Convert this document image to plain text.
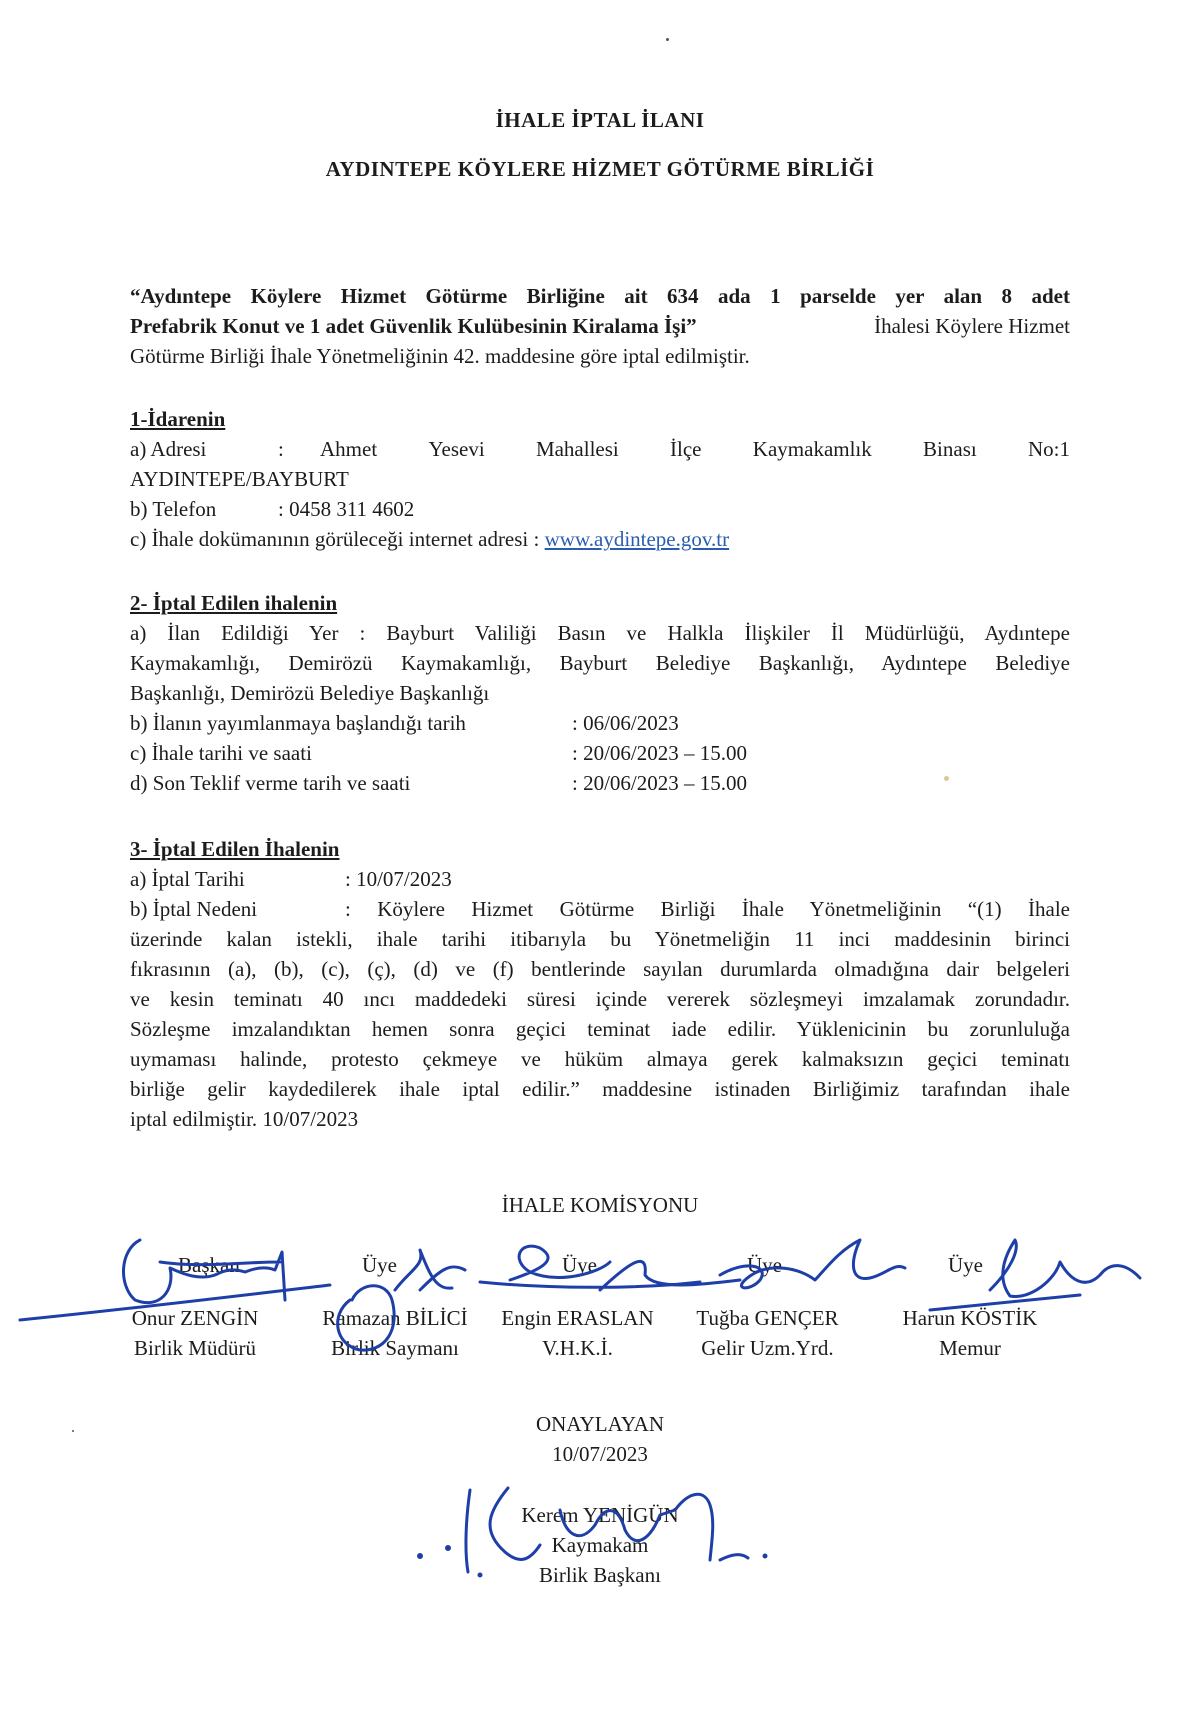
İHALE İPTAL İLANI
AYDINTEPE KÖYLERE HİZMET GÖTÜRME BİRLİĞİ
“Aydıntepe Köylere Hizmet Götürme Birliğine ait 634 ada 1 parselde yer alan 8 adet
Prefabrik Konut ve 1 adet Güvenlik Kulübesinin Kiralama İşi”	İhalesi Köylere Hizmet
Götürme Birliği İhale Yönetmeliğinin 42. maddesine göre iptal edilmiştir.
1-İdarenin
a) Adresi	: Ahmet Yesevi Mahallesi İlçe Kaymakamlık Binası No:1
AYDINTEPE/BAYBURT
b) Telefon	: 0458 311 4602
c) İhale dokümanının görüleceği internet adresi : www.aydintepe.gov.tr
2- İptal Edilen ihalenin
a) İlan Edildiği Yer : Bayburt Valiliği Basın ve Halkla İlişkiler İl Müdürlüğü, Aydıntepe
Kaymakamlığı, Demirözü Kaymakamlığı, Bayburt Belediye Başkanlığı, Aydıntepe Belediye
Başkanlığı, Demirözü Belediye Başkanlığı
b) İlanın yayımlanmaya başlandığı tarih	: 06/06/2023
c) İhale tarihi ve saati	: 20/06/2023 – 15.00
d) Son Teklif verme tarih ve saati	: 20/06/2023 – 15.00
3- İptal Edilen İhalenin
a) İptal Tarihi	: 10/07/2023
b) İptal Nedeni	: Köylere Hizmet Götürme Birliği İhale Yönetmeliğinin “(1) İhale
üzerinde kalan istekli, ihale tarihi itibarıyla bu Yönetmeliğin 11 inci maddesinin birinci
fıkrasının (a), (b), (c), (ç), (d) ve (f) bentlerinde sayılan durumlarda olmadığına dair belgeleri
ve kesin teminatı 40 ıncı maddedeki süresi içinde vererek sözleşmeyi imzalamak zorundadır.
Sözleşme imzalandıktan hemen sonra geçici teminat iade edilir. Yüklenicinin bu zorunluluğa
uymaması halinde, protesto çekmeye ve hüküm almaya gerek kalmaksızın geçici teminatı
birliğe gelir kaydedilerek ihale iptal edilir.” maddesine istinaden Birliğimiz tarafından ihale
iptal edilmiştir. 10/07/2023
İHALE KOMİSYONU
Başkan
Onur ZENGİN
Birlik Müdürü
Üye
Ramazan BİLİCİ
Birlik Saymanı
Üye
Engin ERASLAN
V.H.K.İ.
Üye
Tuğba GENÇER
Gelir Uzm.Yrd.
Üye
Harun KÖSTİK
Memur
ONAYLAYAN
10/07/2023
Kerem YENİGÜN
Kaymakam
Birlik Başkanı
